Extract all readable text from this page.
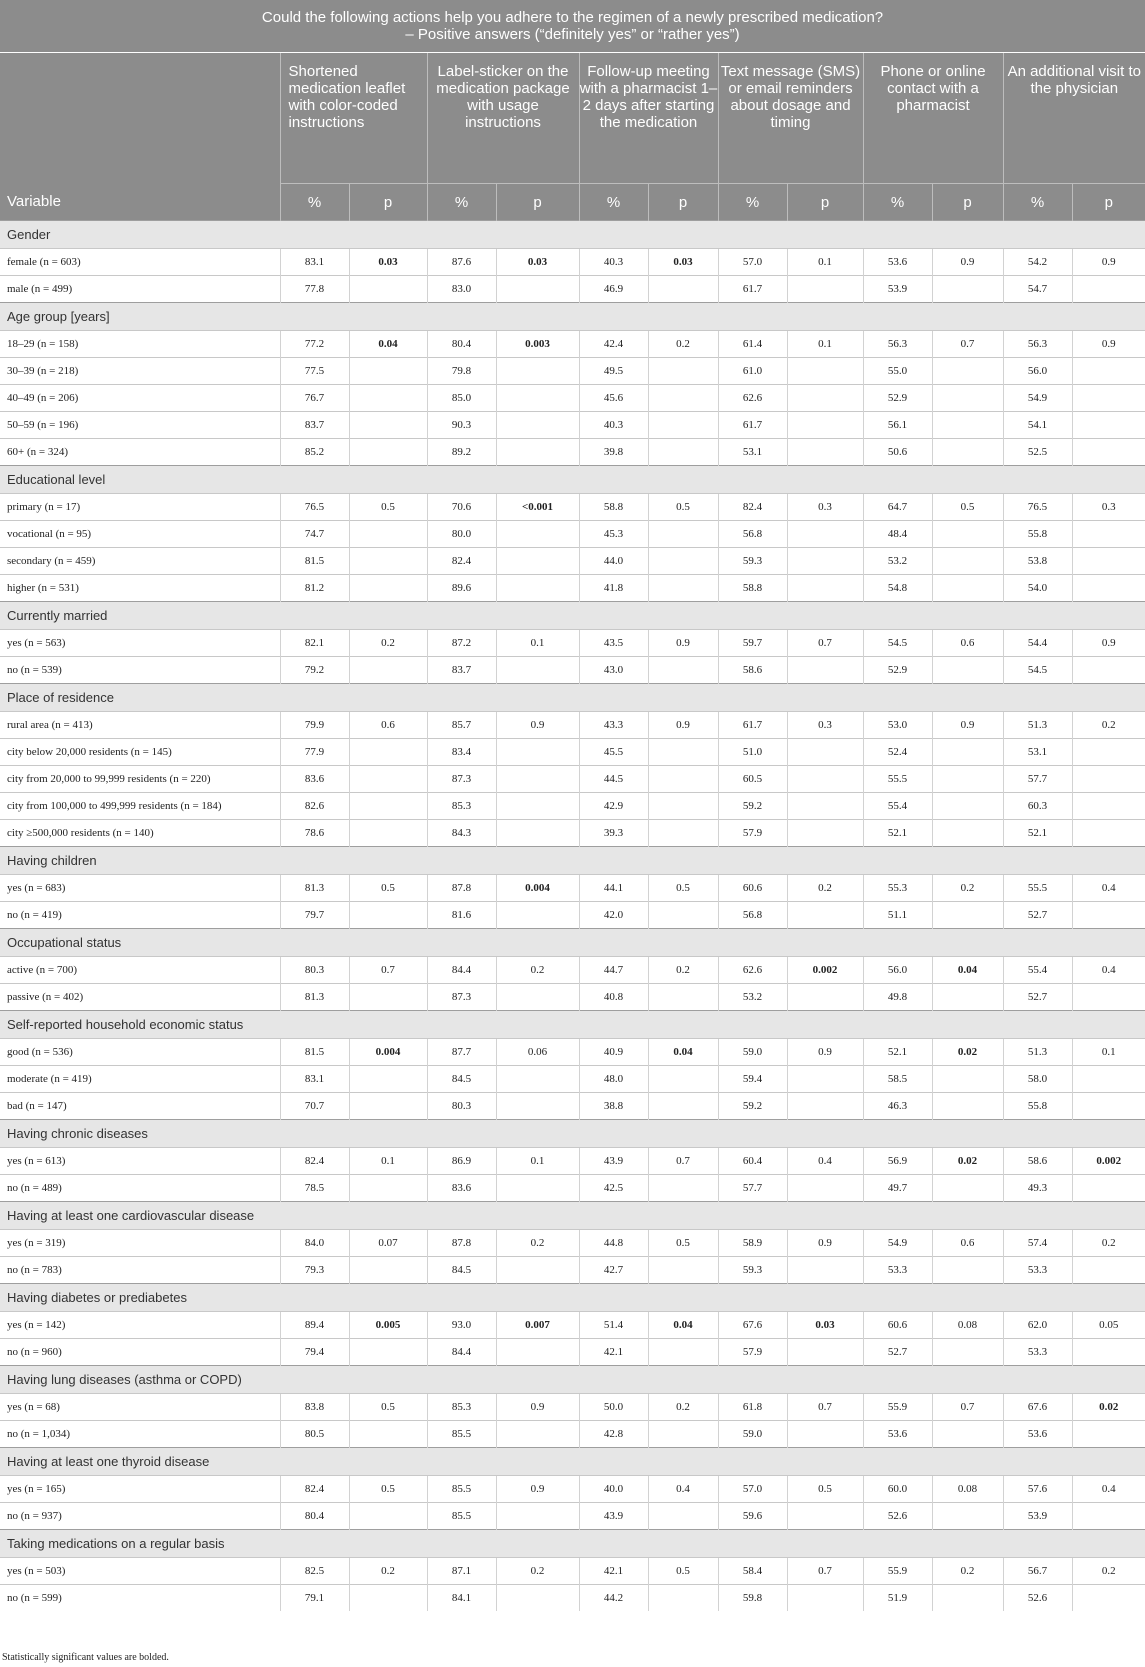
Could the following actions help you adhere to the regimen of a newly prescribed medication?
– Positive answers (“definitely yes” or “rather yes”)												

	Shortened medication leaflet with color-coded instructions		Label-sticker on the medication package with usage instructions		Follow-up meeting with a pharmacist 1–2 days after starting the medication		Text message (SMS) or email reminders about dosage and timing		Phone or online contact with a pharmacist		An additional visit to the physician	
Variable	%	p	%	p	%	p	%	p	%	p	%	p
Gender												
female (n = 603)	83.1	0.03	87.6	0.03	40.3	0.03	57.0	0.1	53.6	0.9	54.2	0.9
male (n = 499)	77.8		83.0		46.9		61.7		53.9		54.7	
Age group [years]												
18–29 (n = 158)	77.2	0.04	80.4	0.003	42.4	0.2	61.4	0.1	56.3	0.7	56.3	0.9
30–39 (n = 218)	77.5		79.8		49.5		61.0		55.0		56.0	
40–49 (n = 206)	76.7		85.0		45.6		62.6		52.9		54.9	
50–59 (n = 196)	83.7		90.3		40.3		61.7		56.1		54.1	
60+ (n = 324)	85.2		89.2		39.8		53.1		50.6		52.5	
Educational level												
primary (n = 17)	76.5	0.5	70.6	<0.001	58.8	0.5	82.4	0.3	64.7	0.5	76.5	0.3
vocational (n = 95)	74.7		80.0		45.3		56.8		48.4		55.8	
secondary (n = 459)	81.5		82.4		44.0		59.3		53.2		53.8	
higher (n = 531)	81.2		89.6		41.8		58.8		54.8		54.0	
Currently married												
yes (n = 563)	82.1	0.2	87.2	0.1	43.5	0.9	59.7	0.7	54.5	0.6	54.4	0.9
no (n = 539)	79.2		83.7		43.0		58.6		52.9		54.5	
Place of residence												
rural area (n = 413)	79.9	0.6	85.7	0.9	43.3	0.9	61.7	0.3	53.0	0.9	51.3	0.2
city below 20,000 residents (n = 145)	77.9		83.4		45.5		51.0		52.4		53.1	
city from 20,000 to 99,999 residents (n = 220)	83.6		87.3		44.5		60.5		55.5		57.7	
city from 100,000 to 499,999 residents (n = 184)	82.6		85.3		42.9		59.2		55.4		60.3	
city ≥500,000 residents (n = 140)	78.6		84.3		39.3		57.9		52.1		52.1	
Having children												
yes (n = 683)	81.3	0.5	87.8	0.004	44.1	0.5	60.6	0.2	55.3	0.2	55.5	0.4
no (n = 419)	79.7		81.6		42.0		56.8		51.1		52.7	
Occupational status												
active (n = 700)	80.3	0.7	84.4	0.2	44.7	0.2	62.6	0.002	56.0	0.04	55.4	0.4
passive (n = 402)	81.3		87.3		40.8		53.2		49.8		52.7	
Self-reported household economic status												
good (n = 536)	81.5	0.004	87.7	0.06	40.9	0.04	59.0	0.9	52.1	0.02	51.3	0.1
moderate (n = 419)	83.1		84.5		48.0		59.4		58.5		58.0	
bad (n = 147)	70.7		80.3		38.8		59.2		46.3		55.8	
Having chronic diseases												
yes (n = 613)	82.4	0.1	86.9	0.1	43.9	0.7	60.4	0.4	56.9	0.02	58.6	0.002
no (n = 489)	78.5		83.6		42.5		57.7		49.7		49.3	
Having at least one cardiovascular disease												
yes (n = 319)	84.0	0.07	87.8	0.2	44.8	0.5	58.9	0.9	54.9	0.6	57.4	0.2
no (n = 783)	79.3		84.5		42.7		59.3		53.3		53.3	
Having diabetes or prediabetes												
yes (n = 142)	89.4	0.005	93.0	0.007	51.4	0.04	67.6	0.03	60.6	0.08	62.0	0.05
no (n = 960)	79.4		84.4		42.1		57.9		52.7		53.3	
Having lung diseases (asthma or COPD)												
yes (n = 68)	83.8	0.5	85.3	0.9	50.0	0.2	61.8	0.7	55.9	0.7	67.6	0.02
no (n = 1,034)	80.5		85.5		42.8		59.0		53.6		53.6	
Having at least one thyroid disease												
yes (n = 165)	82.4	0.5	85.5	0.9	40.0	0.4	57.0	0.5	60.0	0.08	57.6	0.4
no (n = 937)	80.4		85.5		43.9		59.6		52.6		53.9	
Taking medications on a regular basis												
yes (n = 503)	82.5	0.2	87.1	0.2	42.1	0.5	58.4	0.7	55.9	0.2	56.7	0.2
no (n = 599)	79.1		84.1		44.2		59.8		51.9		52.6	
Statistically significant values are bolded.
